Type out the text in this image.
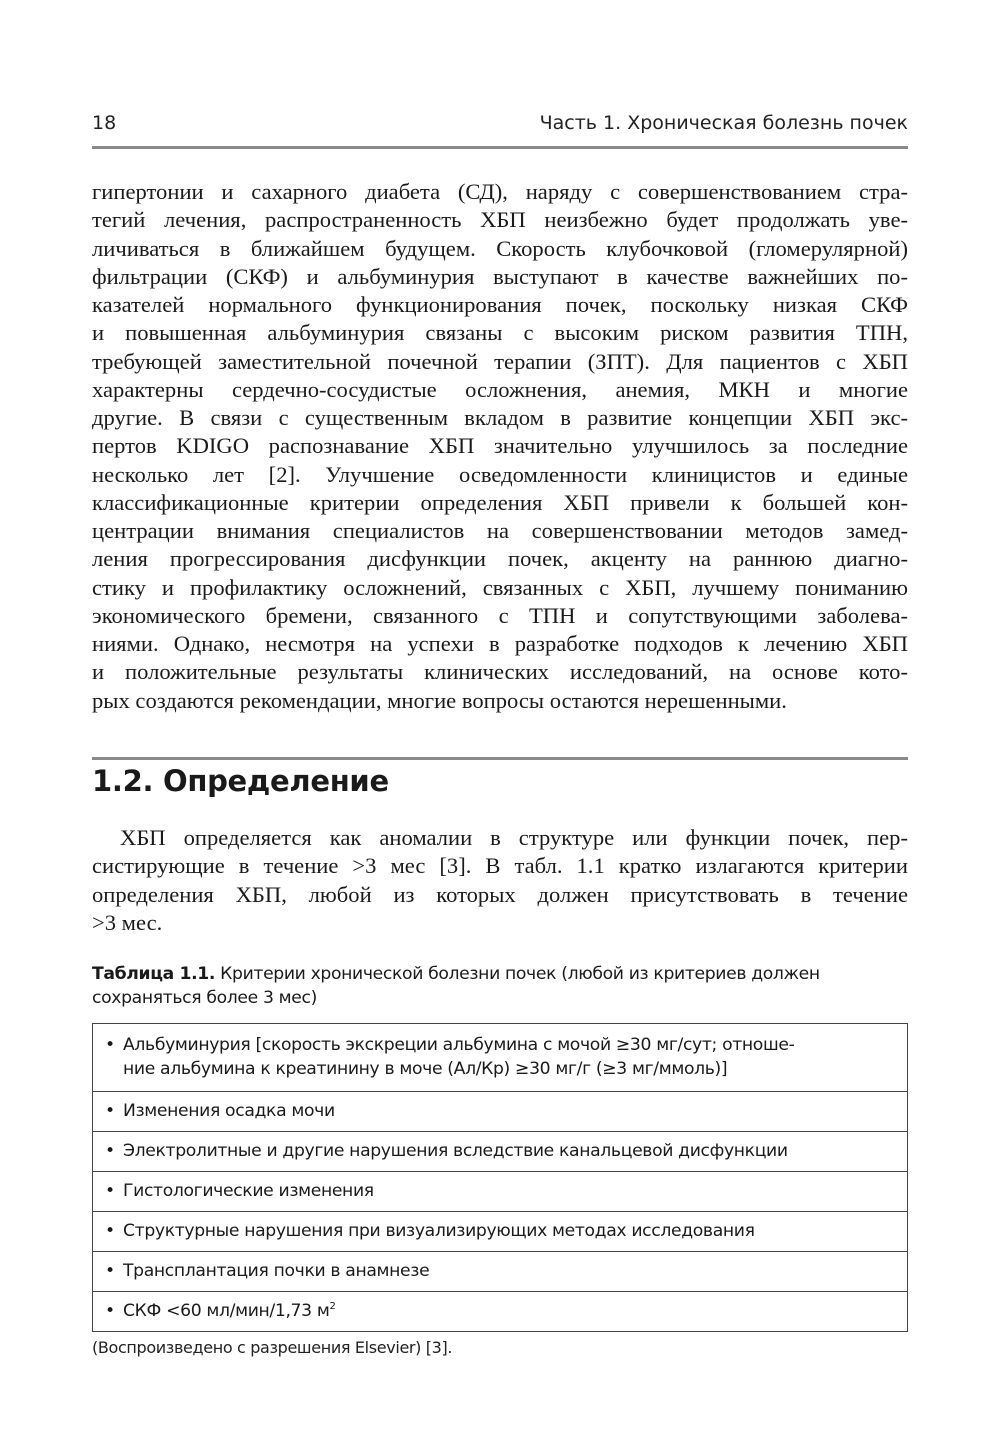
18	Часть 1. Хроническая болезнь почек
гипертонии и сахарного диабета (СД), наряду с совершенствованием стра-
тегий лечения, распространенность ХБП неизбежно будет продолжать уве-
личиваться в ближайшем будущем. Скорость клубочковой (гломерулярной)
фильтрации (СКФ) и альбуминурия выступают в качестве важнейших по-
казателей нормального функционирования почек, поскольку низкая СКФ
и повышенная альбуминурия связаны с высоким риском развития ТПН,
требующей заместительной почечной терапии (ЗПТ). Для пациентов с ХБП
характерны сердечно-сосудистые осложнения, анемия, МКН и многие
другие. В связи с существенным вкладом в развитие концепции ХБП экс-
пертов KDIGO распознавание ХБП значительно улучшилось за последние
несколько лет [2]. Улучшение осведомленности клиницистов и единые
классификационные критерии определения ХБП привели к большей кон-
центрации внимания специалистов на совершенствовании методов замед-
ления прогрессирования дисфункции почек, акценту на раннюю диагно-
стику и профилактику осложнений, связанных с ХБП, лучшему пониманию
экономического бремени, связанного с ТПН и сопутствующими заболева-
ниями. Однако, несмотря на успехи в разработке подходов к лечению ХБП
и положительные результаты клинических исследований, на основе кото-
рых создаются рекомендации, многие вопросы остаются нерешенными.
1.2. Определение
ХБП определяется как аномалии в структуре или функции почек, пер-
систирующие в течение >3 мес [3]. В табл. 1.1 кратко излагаются критерии
определения ХБП, любой из которых должен присутствовать в течение
>3 мес.
Таблица 1.1. Критерии хронической болезни почек (любой из критериев должен сохраняться более 3 мес)
• Альбуминурия [скорость экскреции альбумина с мочой ≥30 мг/сут; отноше-
ние альбумина к креатинину в моче (Ал/Кр) ≥30 мг/г (≥3 мг/ммоль)]
• Изменения осадка мочи
• Электролитные и другие нарушения вследствие канальцевой дисфункции
• Гистологические изменения
• Структурные нарушения при визуализирующих методах исследования
• Трансплантация почки в анамнезе
• СКФ <60 мл/мин/1,73 $м^2$
(Воспроизведено с разрешения Elsevier) [3].
